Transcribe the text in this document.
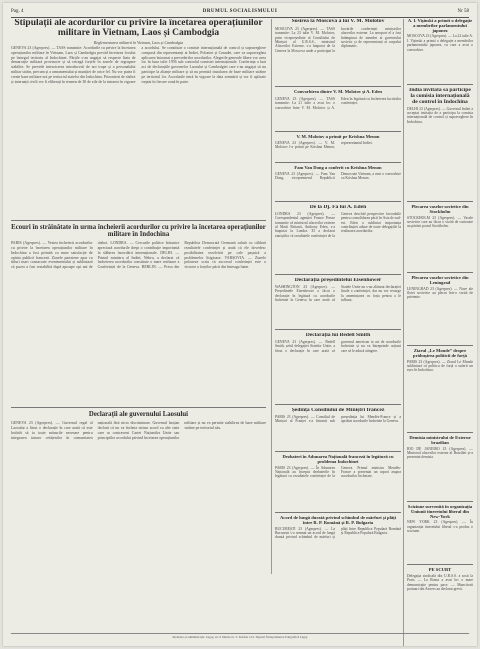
Pag. 4	DRUMUL SOCIALISMULUI	Nr 58
Stipulații ale acordurilor cu privire la încetarea operațiunilor militare în Vietnam, Laos și Cambodgia
Reglementarea militară în Vietnam, Laos și Cambodgia

GENEVA 23 (Agerpres). — TASS transmite: Acordurile cu privire la încetarea operațiunilor militare în Vietnam, Laos și Cambodgia prevăd încetarea focului pe întregul teritoriu al Indochinei. Părțile s-au angajat să respecte linia de demarcație militară provizorie și să retragă forțele în zonele de regrupare stabilite. Se prevede interzicerea introducerii de noi trupe și a personalului militar străin, precum și a armamentului și muniției de orice fel. Nu vor putea fi create baze militare noi pe teritoriul statelor din Indochina. Prizonierii de război și internații civili vor fi eliberați în termen de 30 de zile de la intrarea în vigoare a acordului. Se constituie o comisie internațională de control și supraveghere compusă din reprezentanți ai Indiei, Poloniei și Canadei, care va supraveghea aplicarea întocmai a prevederilor acordurilor. Alegerile generale libere vor avea loc în luna iulie 1956 sub controlul comisiei internaționale. Conferința a luat act de declarațiile guvernelor Laosului și Cambodgiei care s-au angajat să nu participe la alianțe militare și să nu permită instalarea de baze militare străine pe teritoriul lor. Acordurile intră în vigoare la data semnării și vor fi aplicate treptat în fiecare zonă în parte.

Ecouri în străinătate în urma încheierii acordurilor cu privire la încetarea operațiunilor militare în Indochina

PARIS (Agerpres). — Vestea încheierii acordurilor cu privire la încetarea operațiunilor militare în Indochina a fost primită cu mare satisfacție de opinia publică franceză. Ziarele pariziene apar cu titluri mari consacrate evenimentului și subliniază că pacea a fost restabilită după aproape opt ani de război. LONDRA. — Cercurile politice britanice apreciază acordurile drept o contribuție importantă la slăbirea încordării internaționale. DELHI. — Primul ministru al Indiei, Nehru, a declarat că încheierea acordurilor constituie o mare realizare a Conferinței de la Geneva. BERLIN. — Presa din Republica Democrată Germană salută cu căldură rezultatele conferinței și arată că ele dovedesc posibilitatea rezolvării pe cale pașnică a problemelor litigioase. VARȘOVIA. — Ziarele poloneze scriu că succesul conferinței este o victorie a forțelor păcii din întreaga lume.

Declarații ale guvernului Laosului

GENEVA 23 (Agerpres). — Guvernul regal al Laosului a făcut o declarație în care arată că este hotărât să ia toate măsurile necesare pentru integrarea tuturor cetățenilor în comunitatea națională fără nicio discriminare. Guvernul laoțian declară că nu va încheia niciun acord cu alte state care ar contraveni Cartei Națiunilor Unite sau principiilor acordului privind încetarea operațiunilor militare și nu va permite stabilirea de baze militare străine pe teritoriul său.

Sosirea la Moscova a lui V. M. Molotov

MOSCOVA 23 (Agerpres). — TASS transmite: La 23 iulie V. M. Molotov, prim vicepreședinte al Consiliului de Miniștri al U.R.S.S., ministrul Afacerilor Externe, s-a înapoiat de la Geneva la Moscova unde a participat la lucrările conferinței miniștrilor afacerilor externe. La aeroport el a fost întâmpinat de membri ai guvernului sovietic și de reprezentanți ai corpului diplomatic.

Convorbirea dintre V. M. Molotov și A. Eden

GENEVA 23 (Agerpres). — TASS transmite: La 21 iulie a avut loc o convorbire între V. M. Molotov și A. Eden în legătură cu încheierea lucrărilor conferinței.

V. M. Molotov a primit pe Krishna Menon

GENEVA 23 (Agerpres). — V. M. Molotov l-a primit pe Krishna Menon, reprezentantul Indiei.

Fam Van Dong a conferit cu Krishna Menon

GENEVA 23 (Agerpres). — Fam Van Dong, vicepremierul Republicii Democrate Vietnam, a avut o convorbire cu Krishna Menon.

De la Dj. Fa lui A. Eden

LONDRA 23 (Agerpres). — Corespondentul agenției France Presse transmite că ministrul afacerilor externe al Marii Britanii, Anthony Eden, s-a înapoiat la Londra. El a declarat ziariștilor că rezultatele conferinței de la Geneva deschid perspective favorabile pentru consolidarea păcii în Asia de sud-est. Eden a subliniat importanța contribuției aduse de toate delegațiile la realizarea acordurilor.

Declarația președintelui Eisenhower

WASHINGTON 23 (Agerpres). — Președintele Eisenhower a făcut o declarație în legătură cu acordurile încheiate la Geneva în care arată că Statele Unite nu s-au alăturat declarației finale a conferinței, dar nu vor recurge la amenințarea cu forța pentru a le tulbura.

Declarația lui Bedell Smith

GENEVA 23 (Agerpres). — Bedell Smith, șeful delegației Statelor Unite, a făcut o declarație în care arată că guvernul american ia act de acordurile încheiate și nu va întreprinde acțiuni care să le aducă atingere.

Ședința Consiliului de Miniștri francez

PARIS 23 (Agerpres). — Consiliul de Miniștri al Franței s-a întrunit sub președinția lui Mendès-France și a aprobat acordurile încheiate la Geneva.

Dezbateri în Adunarea Națională franceză în legătură cu problema Indochinei

PARIS 23 (Agerpres). — În Adunarea Națională au început dezbaterile în legătură cu rezultatele conferinței de la Geneva. Primul ministru Mendès-France a prezentat un raport asupra acordurilor încheiate.

Acord de lungă durată privind schimbul de mărfuri și plăți între R. P. Română și R. P. Bulgaria

BUCUREȘTI 23 (Agerpres). — La București s-a semnat un acord de lungă durată privind schimbul de mărfuri și plăți între Republica Populară Română și Republica Populară Bulgaria.

A. I. Vișinski a primit o delegație a membrilor parlamentului japonez

MOSCOVA 23 (Agerpres). — La 22 iulie A. I. Vișinski a primit o delegație a membrilor parlamentului japonez, cu care a avut o convorbire.

India invitată să participe la comisia internațională de control în Indochina

DELHI 23 (Agerpres). — Guvernul Indiei a acceptat invitația de a participa la comisia internațională de control și supraveghere în Indochina.

Plecarea vaselor sovietice din Stockholm

STOCKHOLM 23 (Agerpres). — Vasele sovietice care au făcut o vizită de curtoazie au părăsit portul Stockholm.

Plecarea vaselor sovietice din Leningrad

LENINGRAD 23 (Agerpres). — Nave ale flotei sovietice au plecat într-o vizită de prietenie.

Ziarul „Le Monde” despre prăbușirea politicii de forță

PARIS 23 (Agerpres). — Ziarul Le Monde subliniază că politica de forță a suferit un eșec în Indochina.

Demisia ministrului de Externe brazilian

RIO DE JANEIRO 23 (Agerpres). — Ministrul afacerilor externe al Braziliei și-a prezentat demisia.

Sciziune survenită în organizația Uniunii tineretului liberal din New-York

NEW YORK 23 (Agerpres). — În organizația tineretului liberal s-a produs o sciziune.

PE SCURT

Delegația sindicală din U.R.S.S. a sosit la Paris. — La Roma a avut loc o mare demonstrație pentru pace. — Muncitorii portuari din Anvers au declarat grevă.

Redacția și administrația: Lugoj, str. 6 Martie nr. 3. Telefon 124. Tiparul: Întreprinderea Poligrafică Lugoj
